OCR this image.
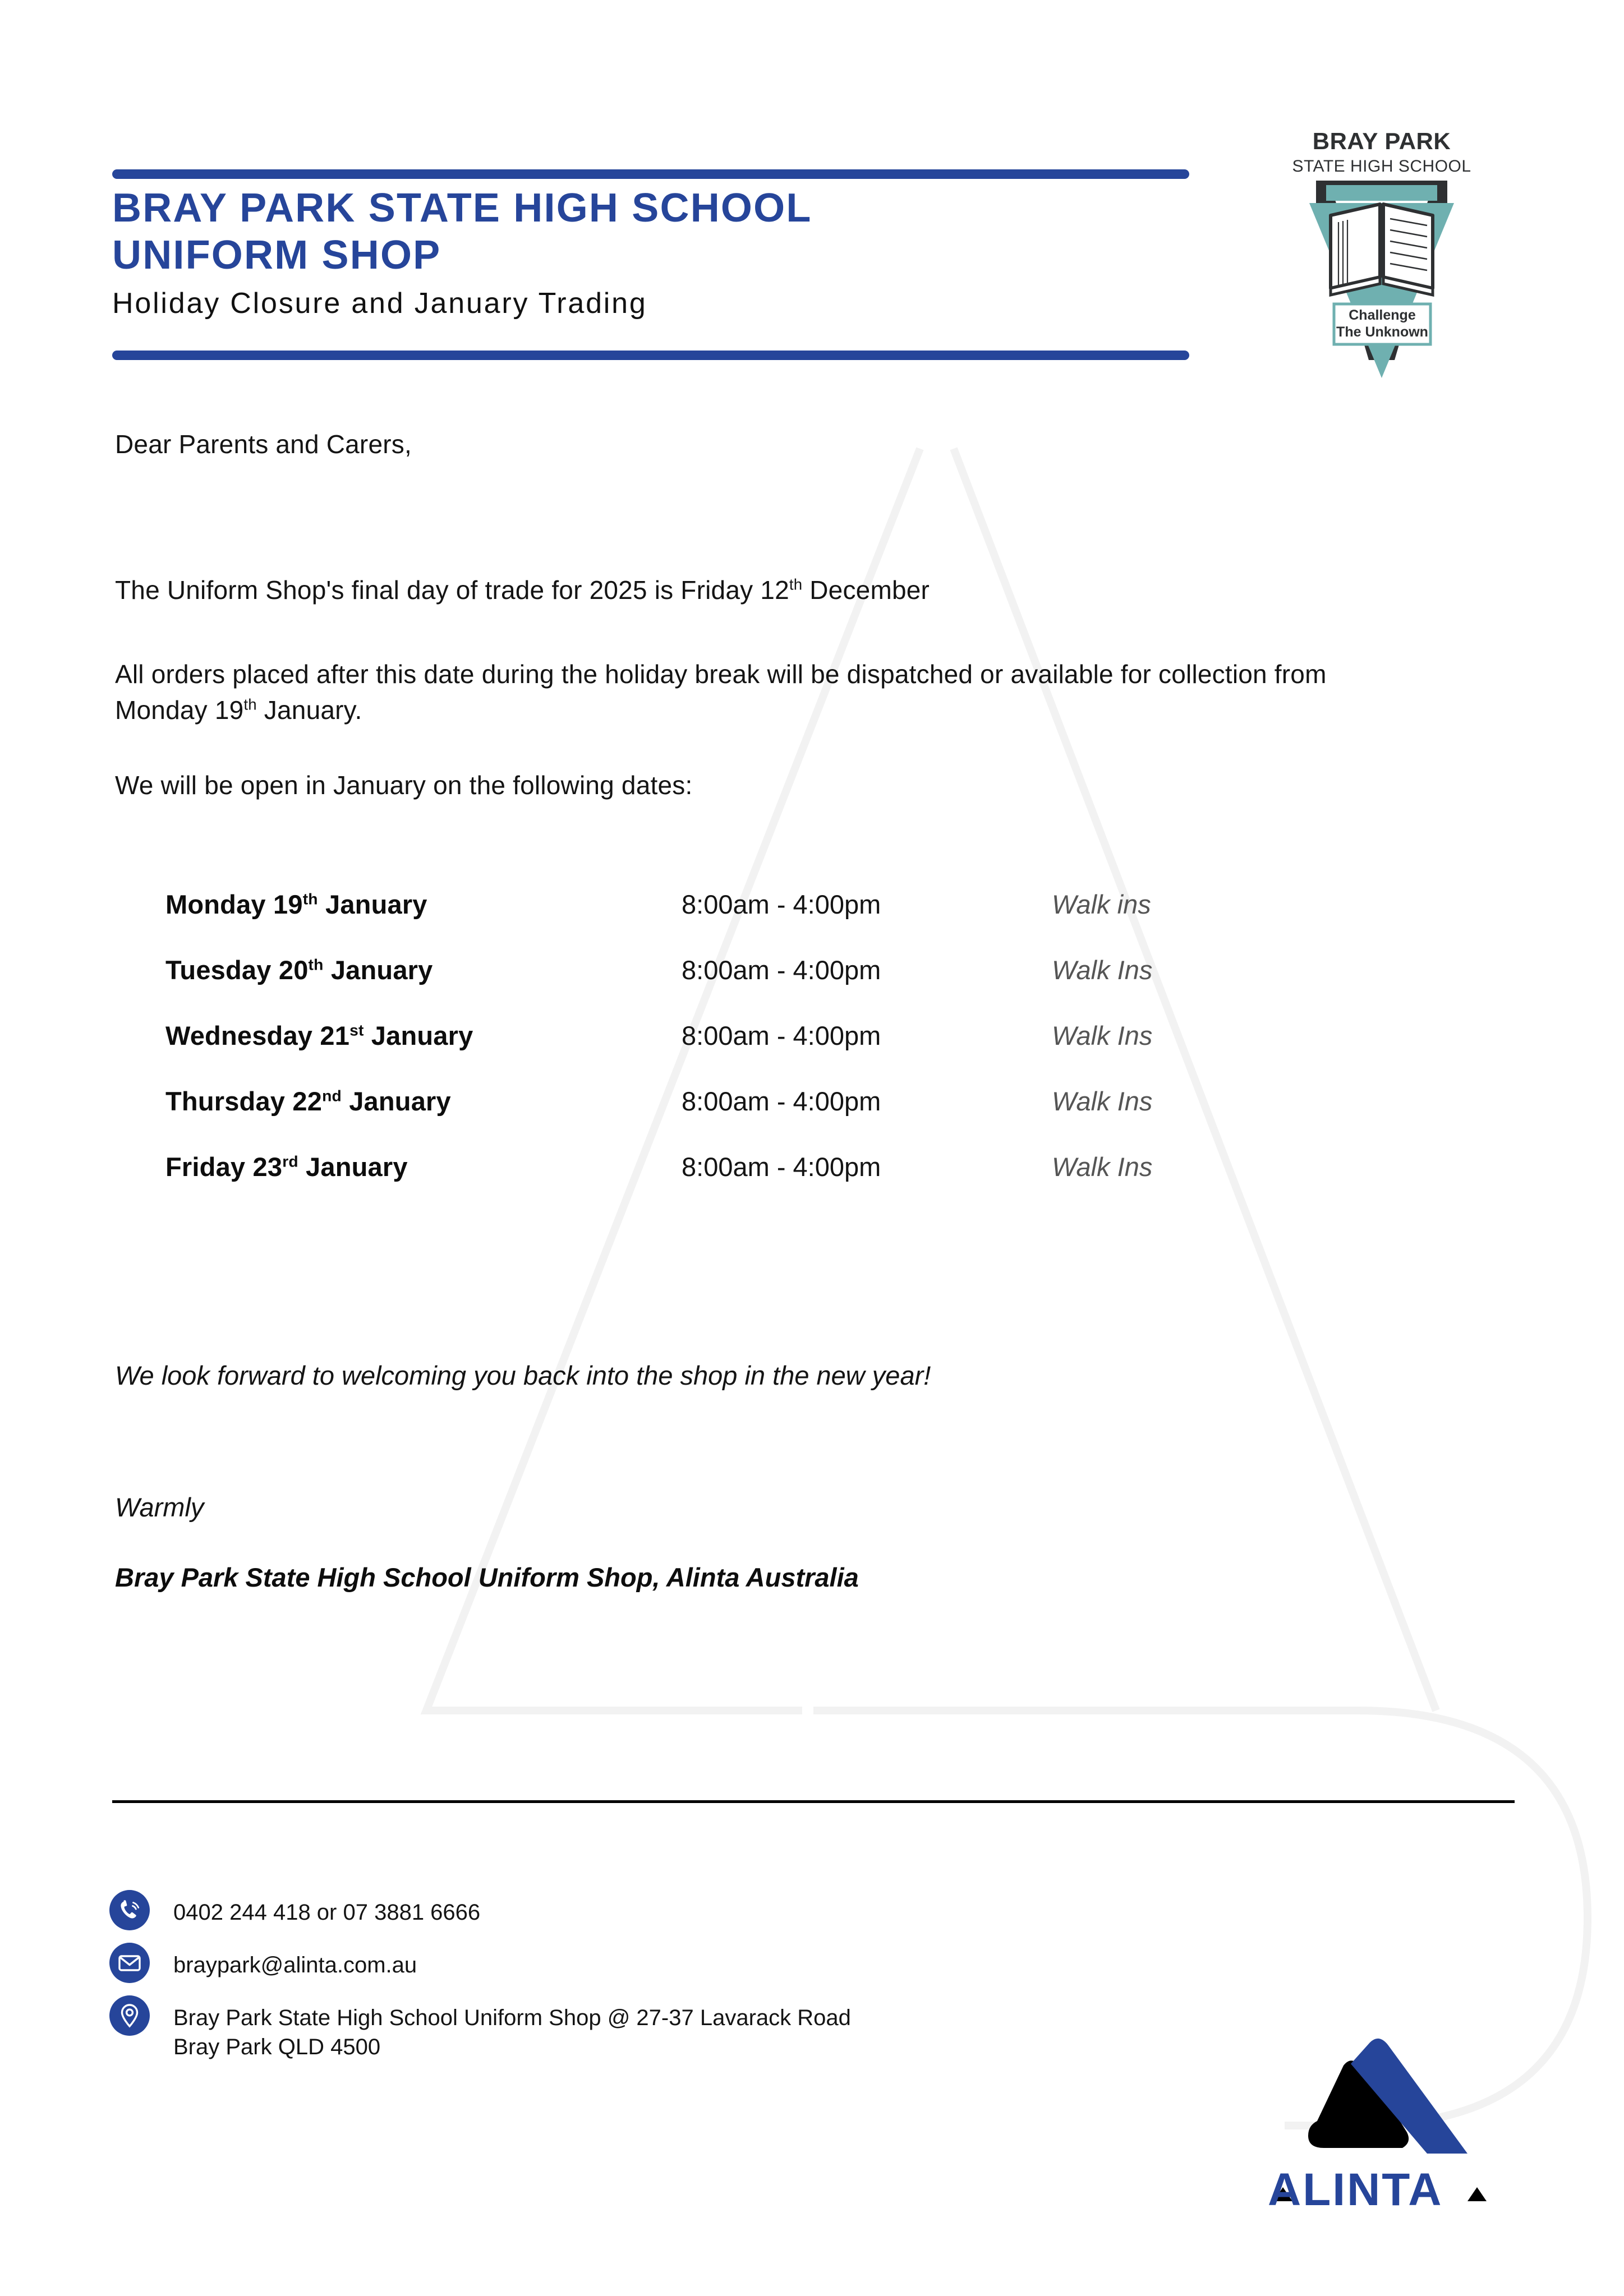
BRAY PARK STATE HIGH SCHOOL
UNIFORM SHOP
Holiday Closure and January Trading
BRAY PARK
STATE HIGH SCHOOL
Challenge
The Unknown
Dear Parents and Carers,
The Uniform Shop's final day of trade for 2025 is Friday 12th December
All orders placed after this date during the holiday break will be dispatched or available for collection from Monday 19th January.
We will be open in January on the following dates:
Monday 19th January	8:00am - 4:00pm	Walk ins
Tuesday 20th January	8:00am - 4:00pm	Walk Ins
Wednesday 21st January	8:00am - 4:00pm	Walk Ins
Thursday 22nd January	8:00am - 4:00pm	Walk Ins
Friday 23rd January	8:00am - 4:00pm	Walk Ins
We look forward to welcoming you back into the shop in the new year!
Warmly
Bray Park State High School Uniform Shop, Alinta Australia
0402 244 418 or 07 3881 6666
braypark@alinta.com.au
Bray Park State High School Uniform Shop @ 27-37 Lavarack Road
Bray Park QLD 4500
ALINTA
